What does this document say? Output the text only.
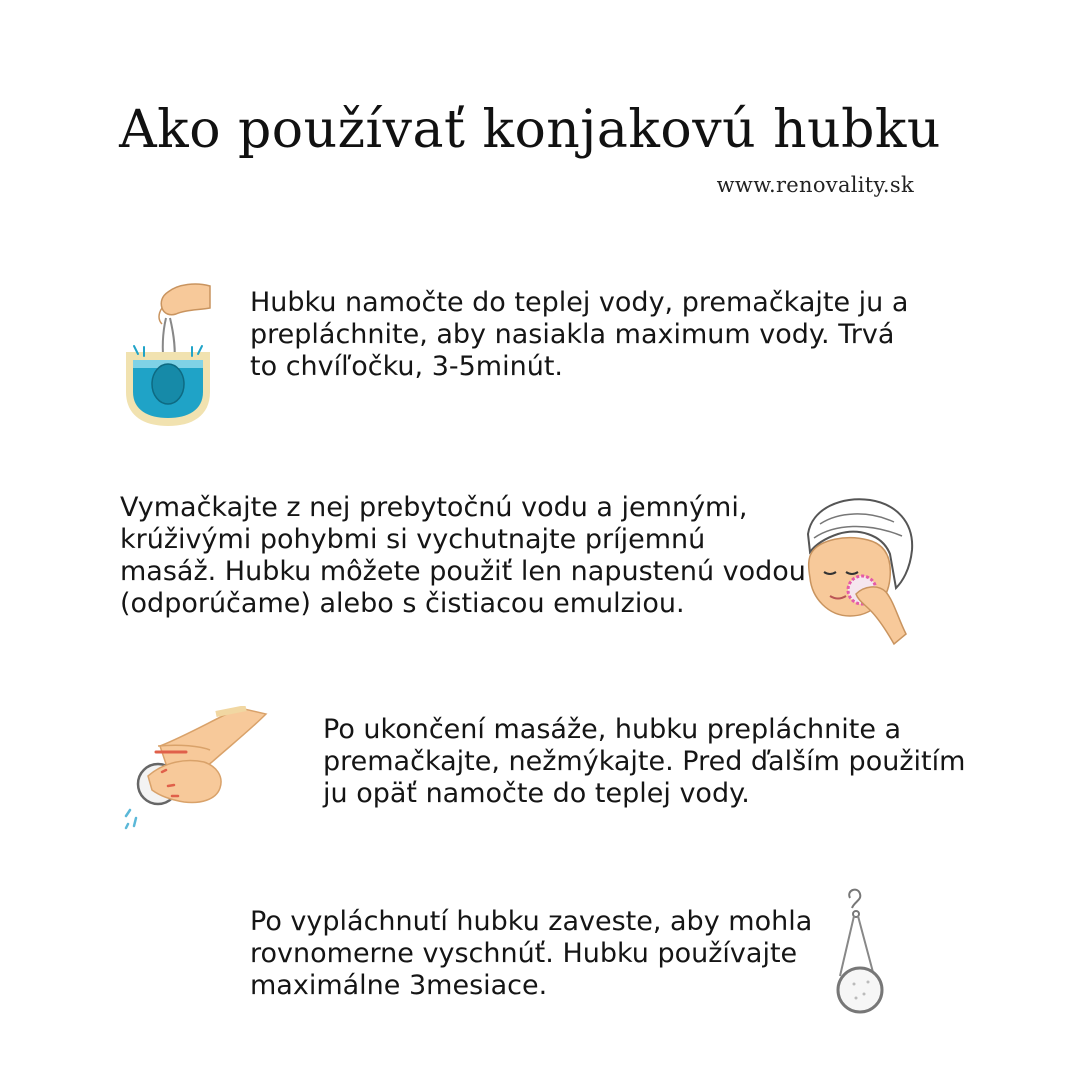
Ako používať konjakovú hubku
www.renovality.sk

Hubku namočte do teplej vody, premačkajte ju a prepláchnite, aby nasiakla maximum vody. Trvá to chvíľočku, 3-5minút.

Vymačkajte z nej prebytočnú vodu a jemnými, krúživými pohybmi si vychutnajte príjemnú masáž. Hubku môžete použiť len napustenú vodou (odporúčame) alebo s čistiacou emulziou.

Po ukončení masáže, hubku prepláchnite a premačkajte, nežmýkajte. Pred ďalším použitím ju opäť namočte do teplej vody.

Po vypláchnutí hubku zaveste, aby mohla rovnomerne vyschnúť. Hubku používajte maximálne 3mesiace.
